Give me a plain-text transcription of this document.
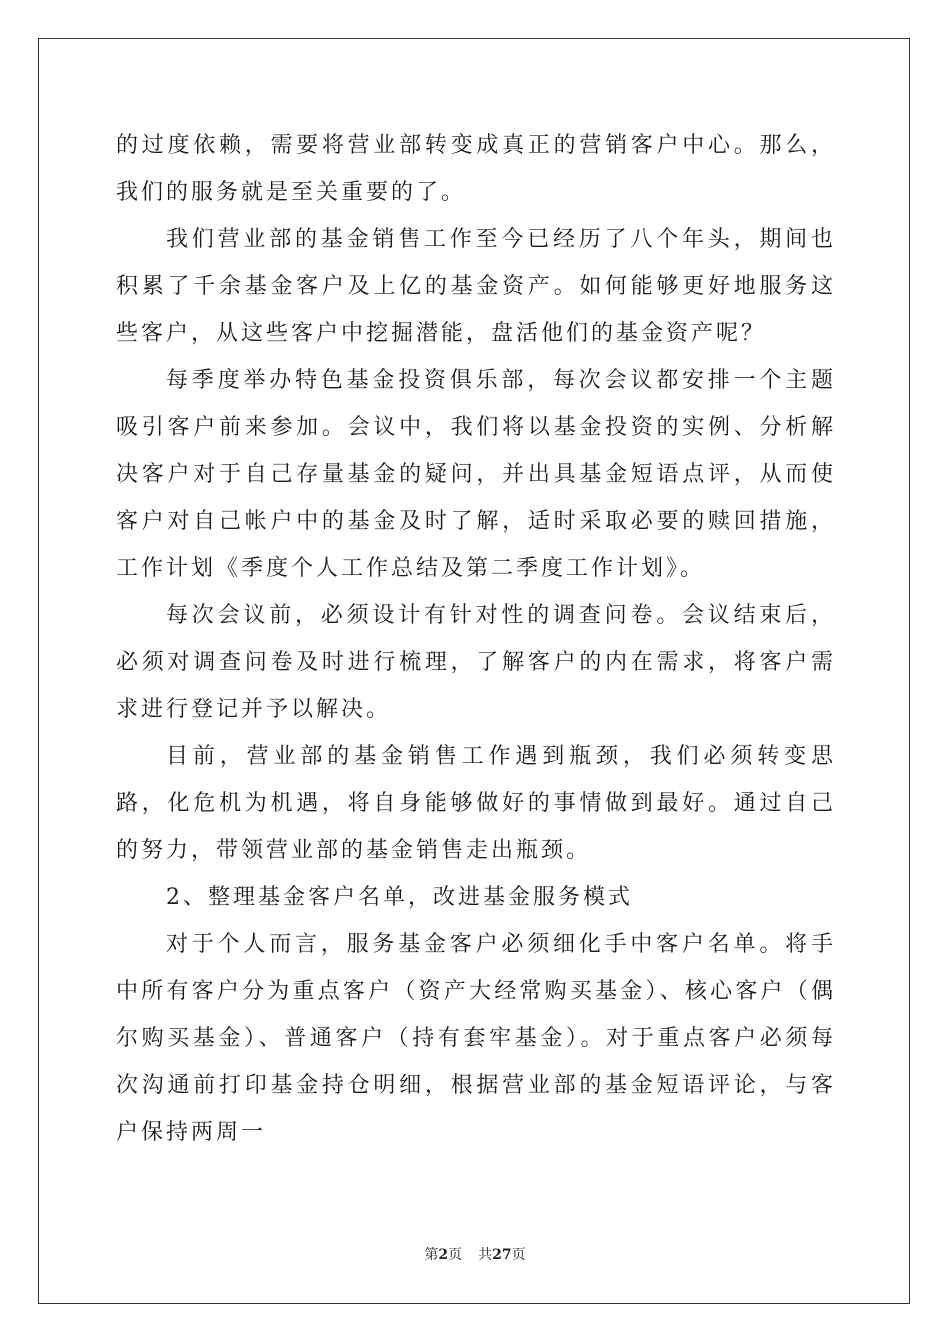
的过度依赖，需要将营业部转变成真正的营销客户中心。那么，我们的服务就是至关重要的了。

我们营业部的基金销售工作至今已经历了八个年头，期间也积累了千余基金客户及上亿的基金资产。如何能够更好地服务这些客户，从这些客户中挖掘潜能，盘活他们的基金资产呢？

每季度举办特色基金投资俱乐部，每次会议都安排一个主题吸引客户前来参加。会议中，我们将以基金投资的实例、分析解决客户对于自己存量基金的疑问，并出具基金短语点评，从而使客户对自己帐户中的基金及时了解，适时采取必要的赎回措施，工作计划《季度个人工作总结及第二季度工作计划》。

每次会议前，必须设计有针对性的调查问卷。会议结束后，必须对调查问卷及时进行梳理，了解客户的内在需求，将客户需求进行登记并予以解决。

目前，营业部的基金销售工作遇到瓶颈，我们必须转变思路，化危机为机遇，将自身能够做好的事情做到最好。通过自己的努力，带领营业部的基金销售走出瓶颈。

2、整理基金客户名单，改进基金服务模式

对于个人而言，服务基金客户必须细化手中客户名单。将手中所有客户分为重点客户（资产大经常购买基金）、核心客户（偶尔购买基金）、普通客户（持有套牢基金）。对于重点客户必须每次沟通前打印基金持仓明细，根据营业部的基金短语评论，与客户保持两周一

第2页 共27页
